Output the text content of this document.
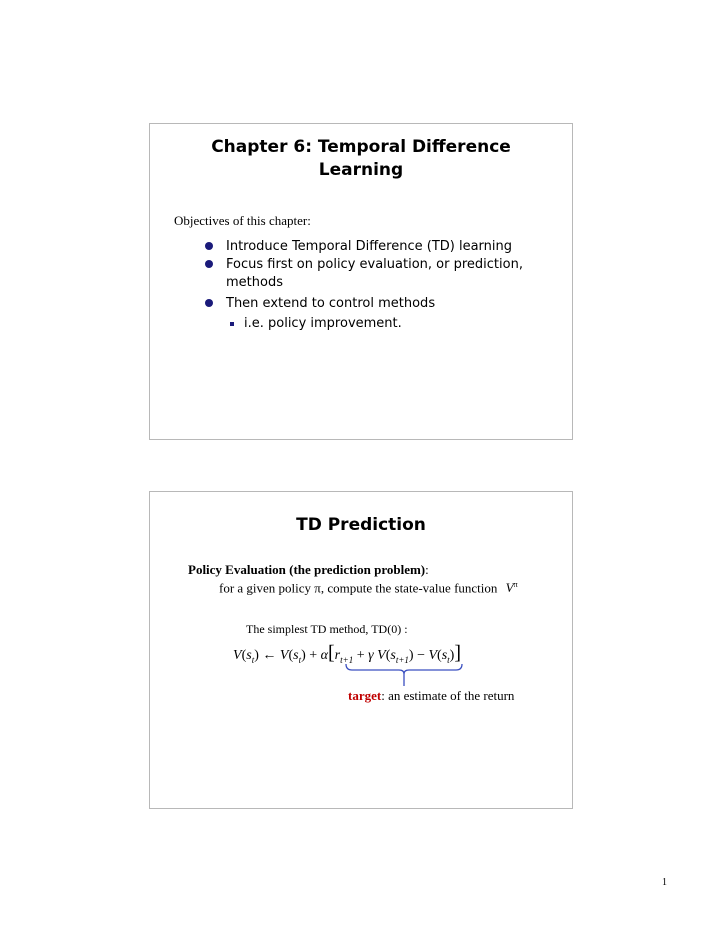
Chapter 6: Temporal Difference
Learning
Objectives of this chapter:
Introduce Temporal Difference (TD) learning
Focus first on policy evaluation, or prediction,
methods
Then extend to control methods
i.e. policy improvement.
TD Prediction
Policy Evaluation (the prediction problem):
for a given policy π, compute the state-value function $V^\pi$
The simplest TD method, TD(0) :
$V(s_t)$ ← $V(s_t) + \alpha[r_{t+1} + \gamma$ $V(s_{t+1}) - V(s_t)$]
target: an estimate of the return
1
